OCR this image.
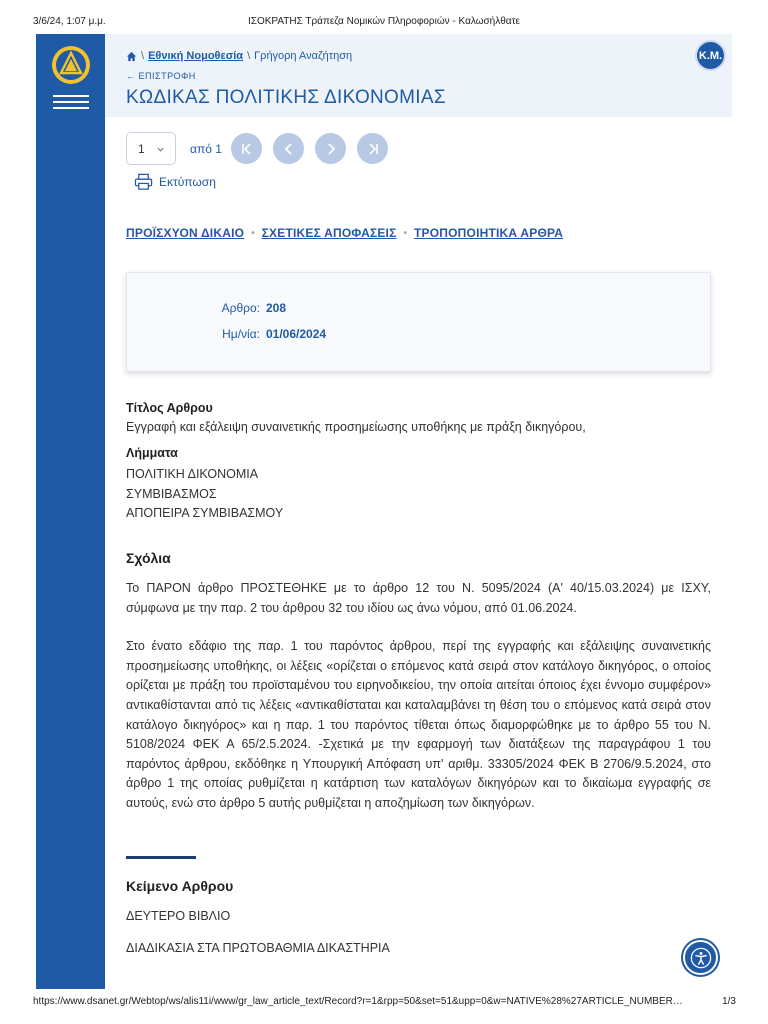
3/6/24, 1:07 μ.μ.	ΙΣΟΚΡΑΤΗΣ Τράπεζα Νομικών Πληροφοριών - Καλωσήλθατε
\ Εθνική Νομοθεσία \ Γρήγορη Αναζήτηση
← ΕΠΙΣΤΡΟΦΗ
ΚΩΔΙΚΑΣ ΠΟΛΙΤΙΚΗΣ ΔΙΚΟΝΟΜΙΑΣ
Κ.Μ.
1	από 1
Εκτύπωση
ΠΡΟΪΣΧΥΟΝ ΔΙΚΑΙΟ • ΣΧΕΤΙΚΕΣ ΑΠΟΦΑΣΕΙΣ • ΤΡΟΠΟΠΟΙΗΤΙΚΑ ΑΡΘΡΑ
Αρθρο: 208
Ημ/νία: 01/06/2024
Τίτλος Αρθρου
Εγγραφή και εξάλειψη συναινετικής προσημείωσης υποθήκης με πράξη δικηγόρου,
Λήμματα
ΠΟΛΙΤΙΚΗ ΔΙΚΟΝΟΜΙΑ
ΣΥΜΒΙΒΑΣΜΟΣ
ΑΠΟΠΕΙΡΑ ΣΥΜΒΙΒΑΣΜΟΥ
Σχόλια
Το ΠΑΡΟΝ άρθρο ΠΡΟΣΤΕΘΗΚΕ με το άρθρο 12 του Ν. 5095/2024 (Α' 40/15.03.2024) με ΙΣΧΥ, σύμφωνα με την παρ. 2 του άρθρου 32 του ιδίου ως άνω νόμου, από 01.06.2024.
Στο ένατο εδάφιο της παρ. 1 του παρόντος άρθρου, περί της εγγραφής και εξάλειψης συναινετικής προσημείωσης υποθήκης, οι λέξεις «ορίζεται ο επόμενος κατά σειρά στον κατάλογο δικηγόρος, ο οποίος ορίζεται με πράξη του προϊσταμένου του ειρηνοδικείου, την οποία αιτείται όποιος έχει έννομο συμφέρον» αντικαθίστανται από τις λέξεις «αντικαθίσταται και καταλαμβάνει τη θέση του ο επόμενος κατά σειρά στον κατάλογο δικηγόρος» και η παρ. 1 του παρόντος τίθεται όπως διαμορφώθηκε με το άρθρο 55 του Ν. 5108/2024 ΦΕΚ Α 65/2.5.2024. -Σχετικά με την εφαρμογή των διατάξεων της παραγράφου 1 του παρόντος άρθρου, εκδόθηκε η Υπουργική Απόφαση υπ' αριθμ. 33305/2024 ΦΕΚ Β 2706/9.5.2024, στο άρθρο 1 της οποίας ρυθμίζεται η κατάρτιση των καταλόγων δικηγόρων και το δικαίωμα εγγραφής σε αυτούς, ενώ στο άρθρο 5 αυτής ρυθμίζεται η αποζημίωση των δικηγόρων.
Κείμενο Αρθρου
ΔΕΥΤΕΡΟ ΒΙΒΛΙΟ
ΔΙΑΔΙΚΑΣΙΑ ΣΤΑ ΠΡΩΤΟΒΑΘΜΙΑ ΔΙΚΑΣΤΗΡΙΑ
https://www.dsanet.gr/Webtop/ws/alis11i/www/gr_law_article_text/Record?r=1&rpp=50&set=51&upp=0&w=NATIVE%28%27ARTICLE_NUMBER…	1/3
